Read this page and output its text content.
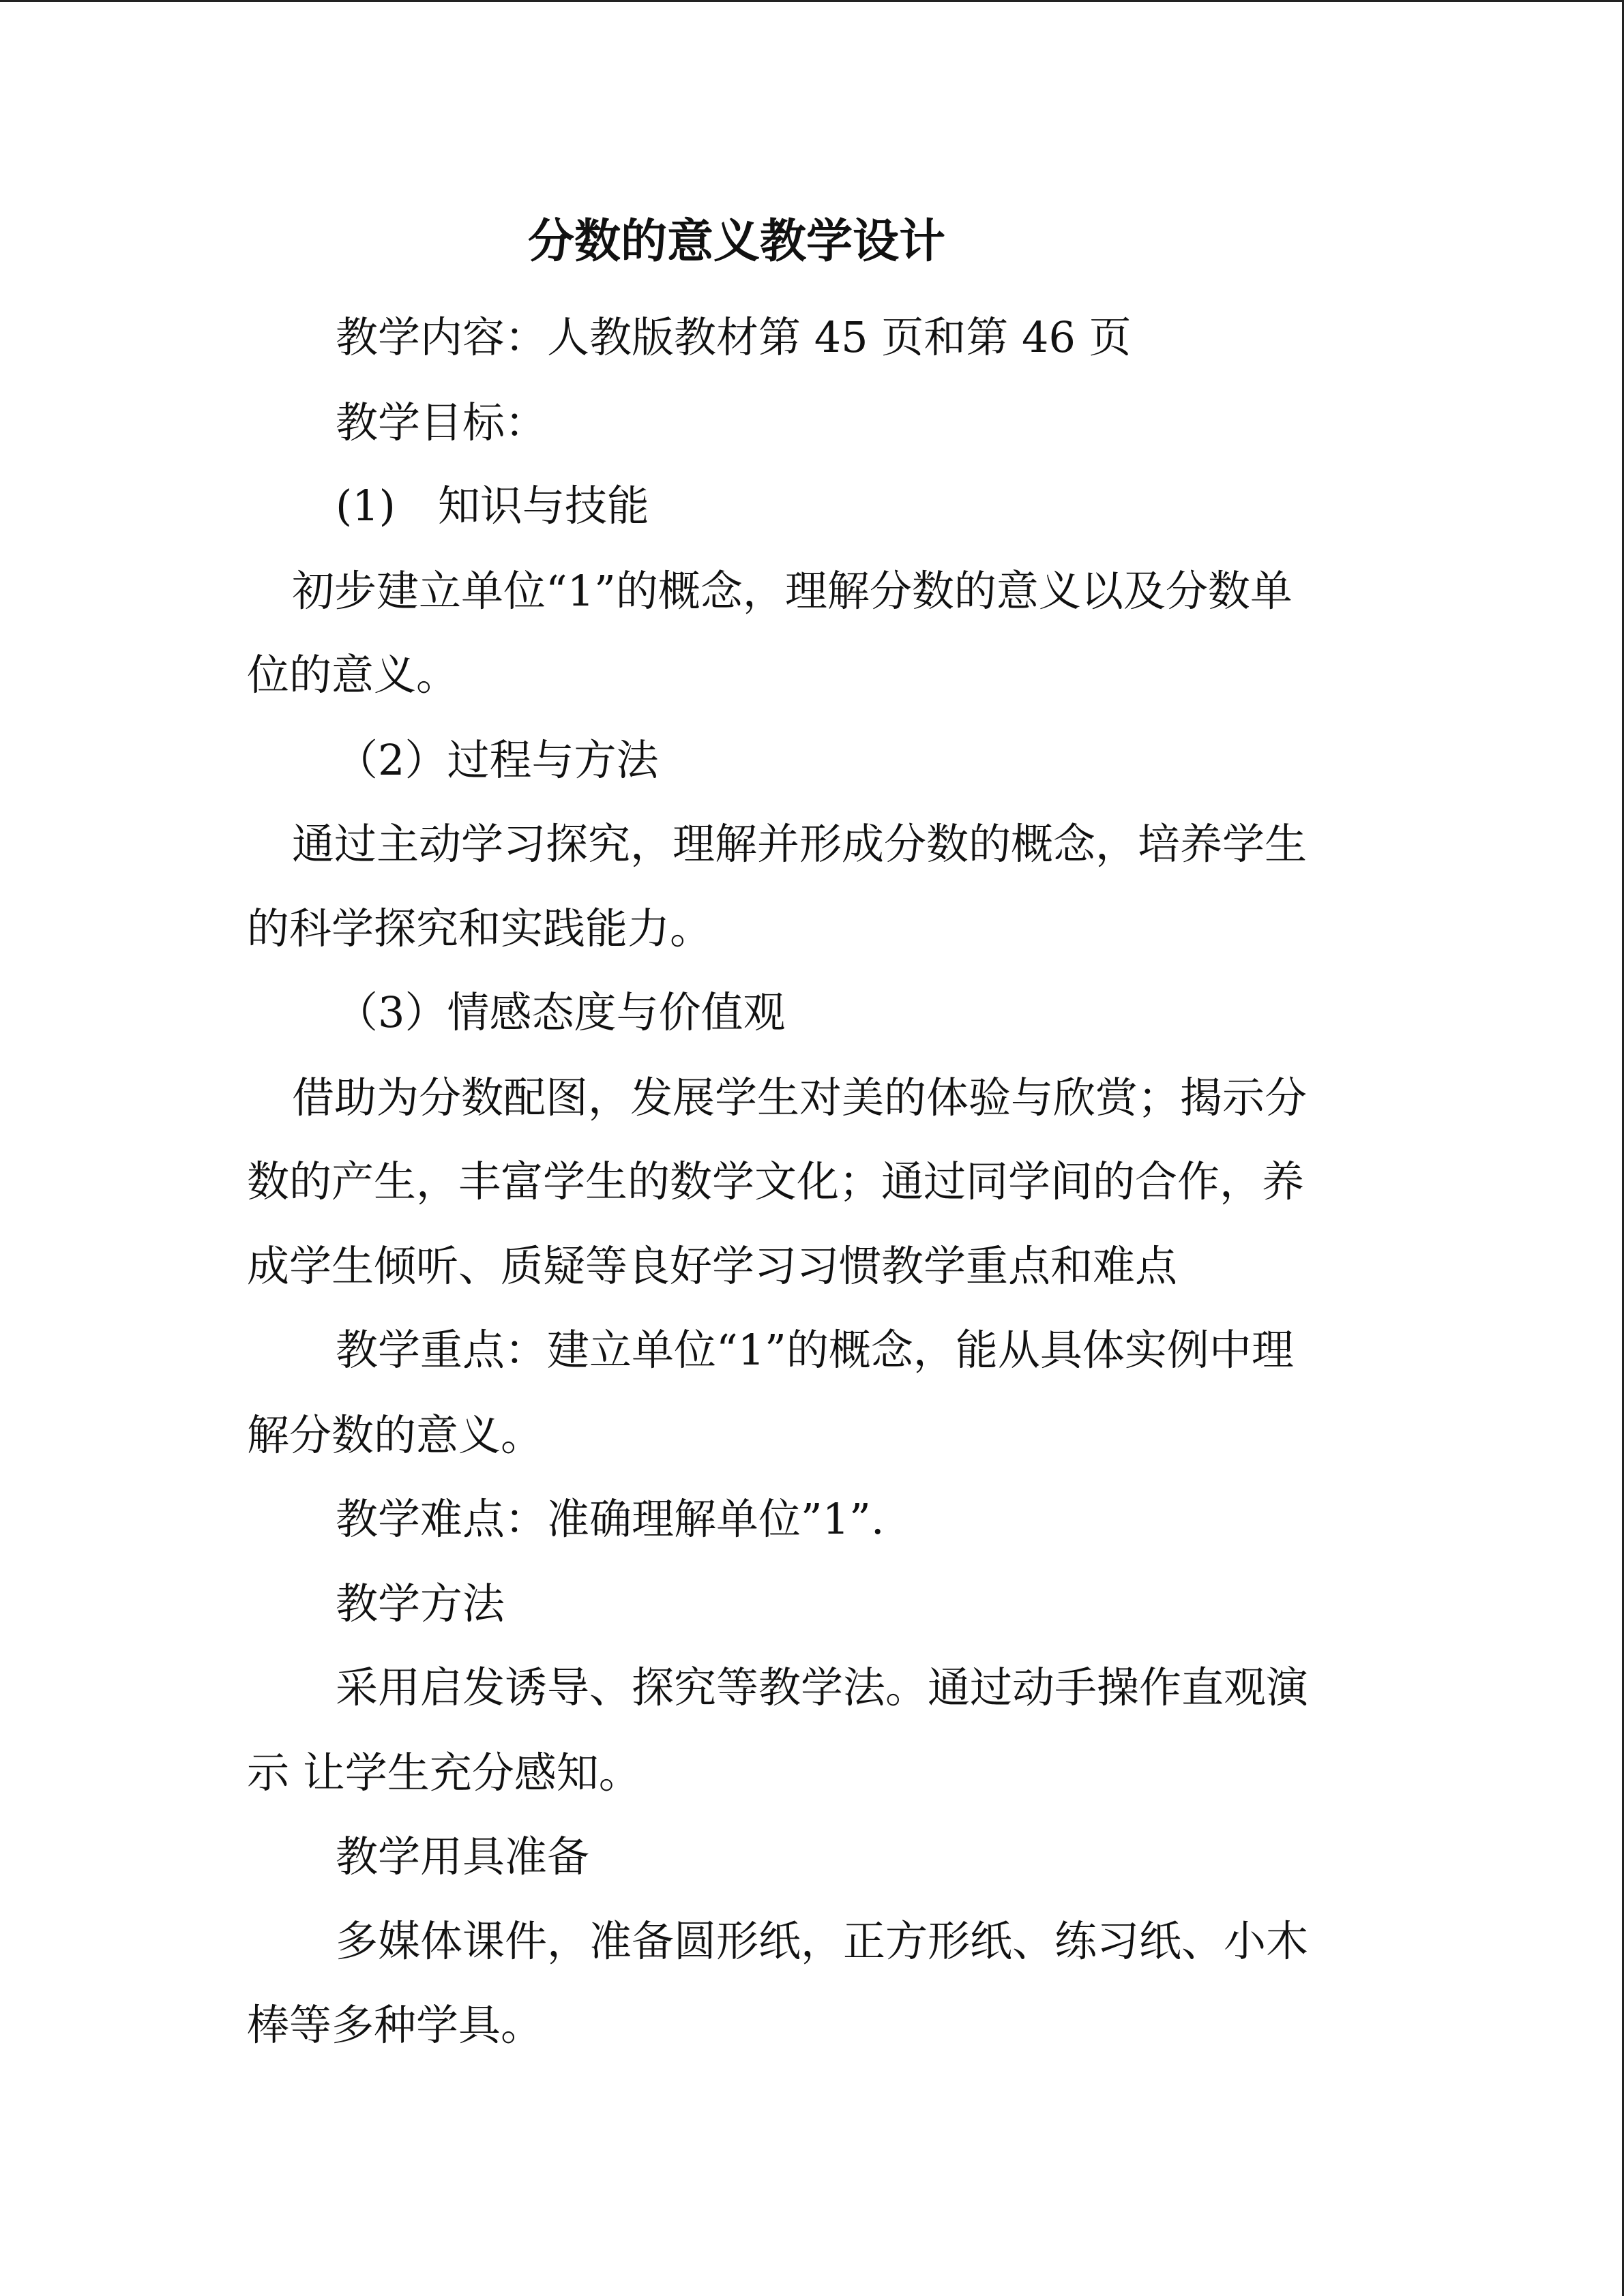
分数的意义教学设计
教学内容：人教版教材第 45 页和第 46 页
教学目标：
(1)　知识与技能
初步建立单位“1”的概念，理解分数的意义以及分数单
位的意义。
（2）过程与方法
通过主动学习探究，理解并形成分数的概念，培养学生
的科学探究和实践能力。
（3）情感态度与价值观
借助为分数配图，发展学生对美的体验与欣赏；揭示分
数的产生，丰富学生的数学文化；通过同学间的合作，养
成学生倾听、质疑等良好学习习惯教学重点和难点
教学重点：建立单位“1”的概念，能从具体实例中理
解分数的意义。
教学难点：准确理解单位”1”.
教学方法
采用启发诱导、探究等教学法。通过动手操作直观演
示 让学生充分感知。
教学用具准备
多媒体课件，准备圆形纸，正方形纸、练习纸、小木
棒等多种学具。
